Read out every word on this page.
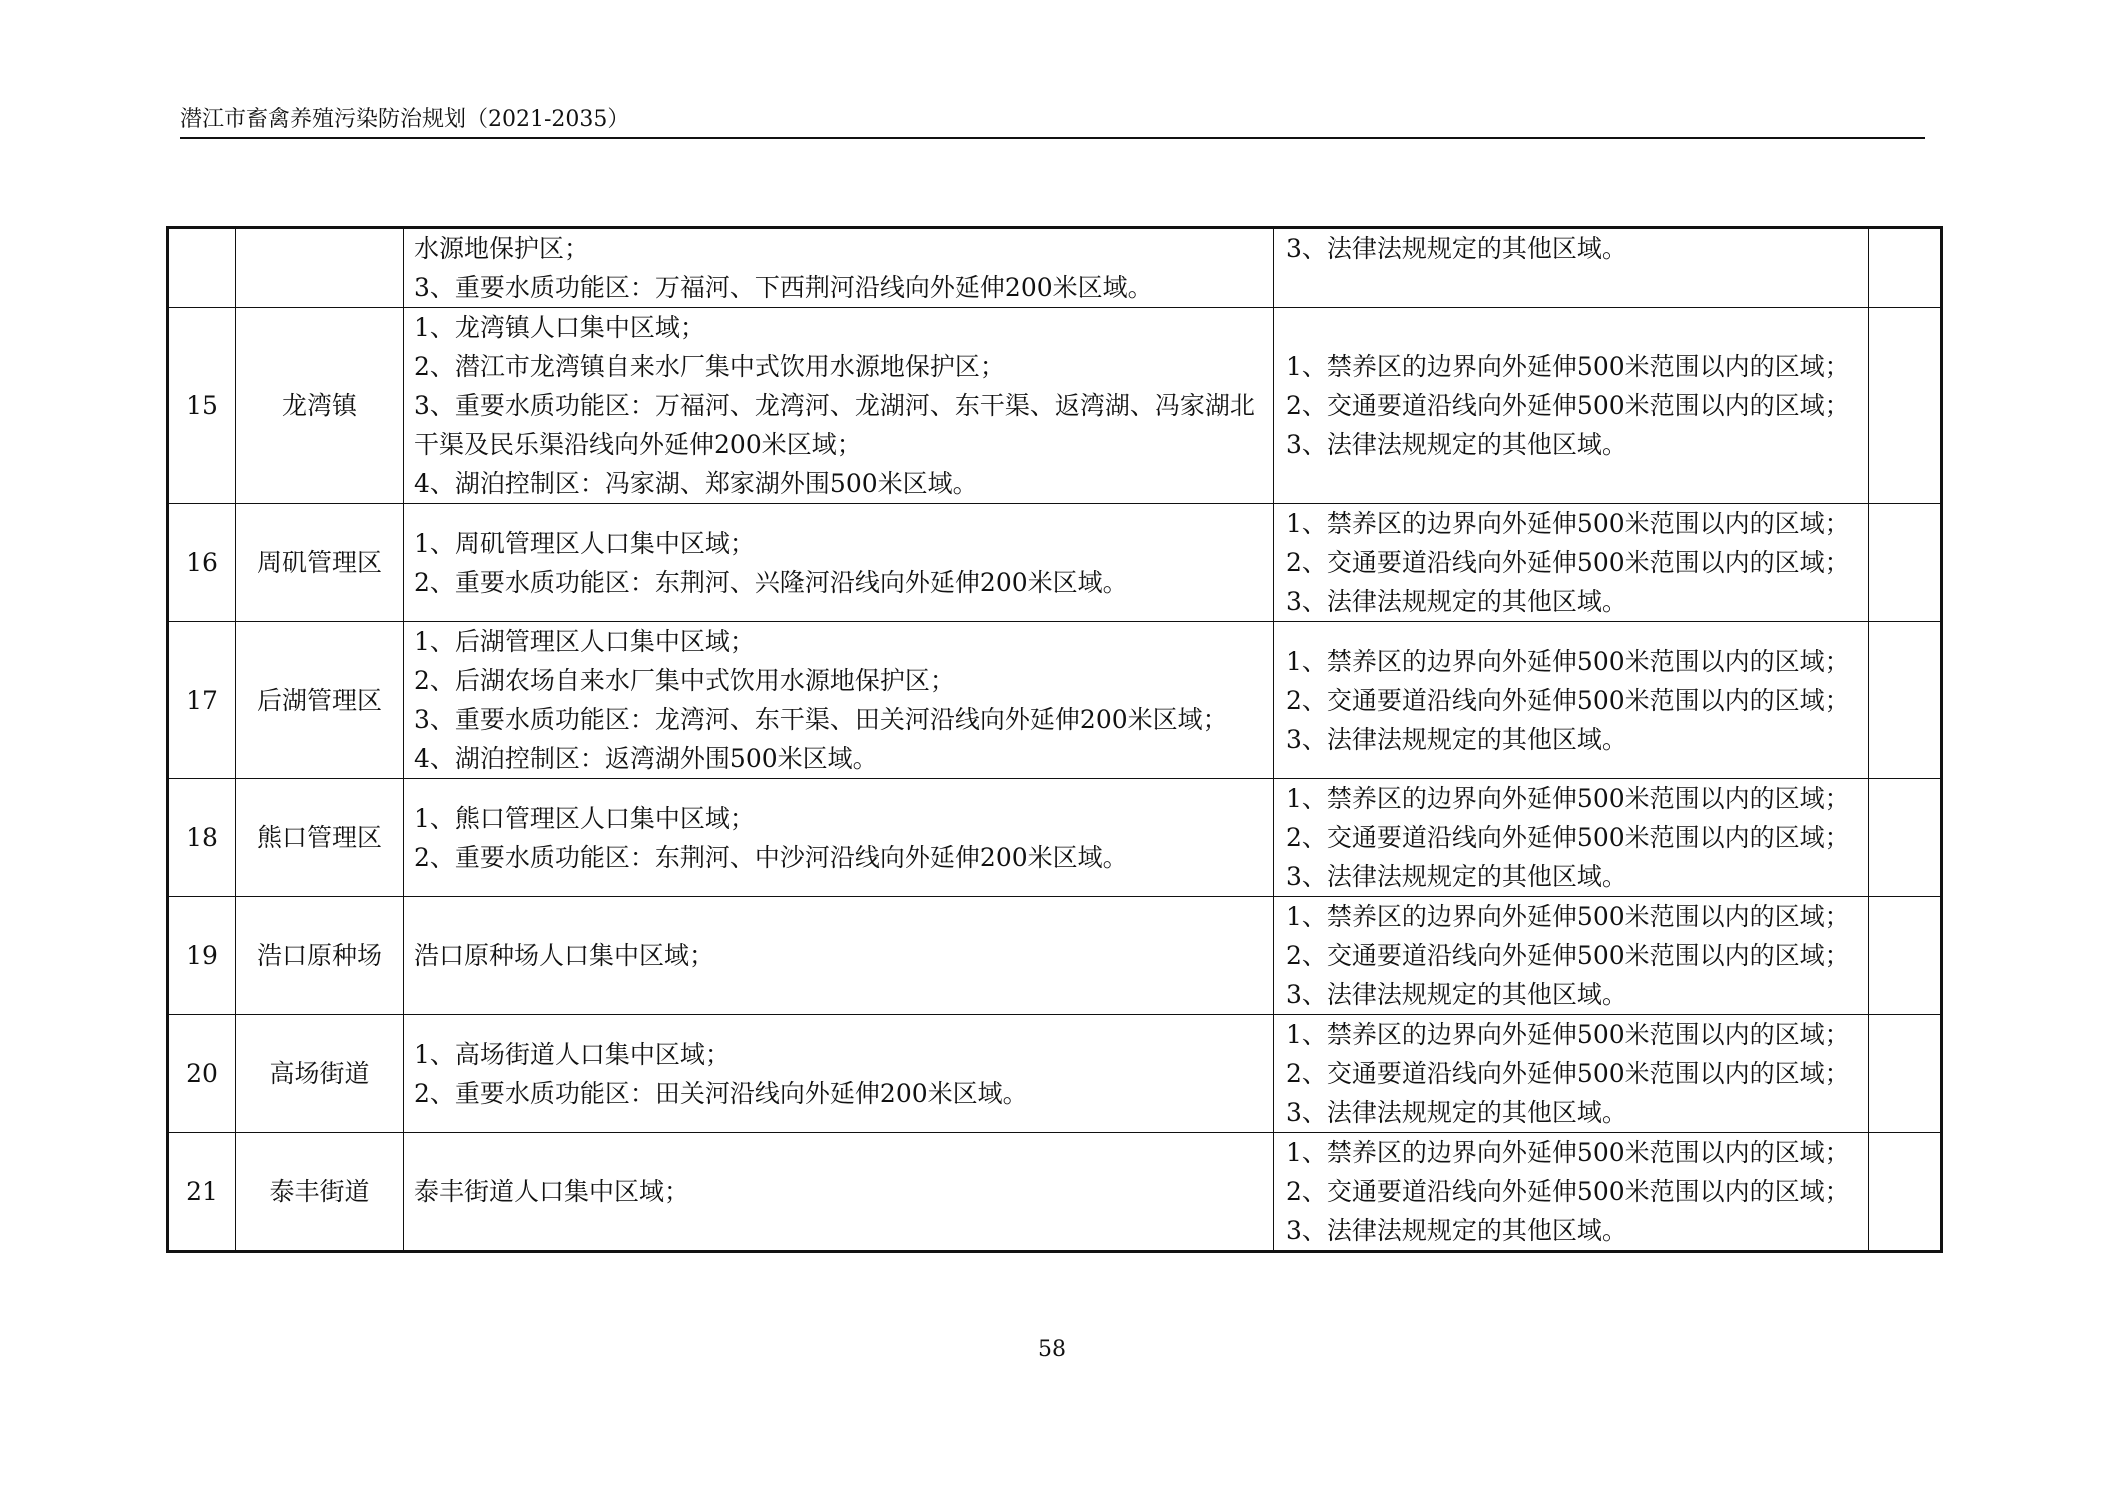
潜江市畜禽养殖污染防治规划（2021-2035）

		水源地保护区；
3、重要水质功能区：万福河、下西荆河沿线向外延伸200米区域。	3、法律法规规定的其他区域。	

15	龙湾镇	1、龙湾镇人口集中区域；
2、潜江市龙湾镇自来水厂集中式饮用水源地保护区；
3、重要水质功能区：万福河、龙湾河、龙湖河、东干渠、返湾湖、冯家湖北干渠及民乐渠沿线向外延伸200米区域；
4、湖泊控制区：冯家湖、郑家湖外围500米区域。	1、禁养区的边界向外延伸500米范围以内的区域；
2、交通要道沿线向外延伸500米范围以内的区域；
3、法律法规规定的其他区域。	

16	周矶管理区	1、周矶管理区人口集中区域；
2、重要水质功能区：东荆河、兴隆河沿线向外延伸200米区域。	1、禁养区的边界向外延伸500米范围以内的区域；
2、交通要道沿线向外延伸500米范围以内的区域；
3、法律法规规定的其他区域。	

17	后湖管理区	1、后湖管理区人口集中区域；
2、后湖农场自来水厂集中式饮用水源地保护区；
3、重要水质功能区：龙湾河、东干渠、田关河沿线向外延伸200米区域；
4、湖泊控制区：返湾湖外围500米区域。	1、禁养区的边界向外延伸500米范围以内的区域；
2、交通要道沿线向外延伸500米范围以内的区域；
3、法律法规规定的其他区域。	

18	熊口管理区	1、熊口管理区人口集中区域；
2、重要水质功能区：东荆河、中沙河沿线向外延伸200米区域。	1、禁养区的边界向外延伸500米范围以内的区域；
2、交通要道沿线向外延伸500米范围以内的区域；
3、法律法规规定的其他区域。	

19	浩口原种场	浩口原种场人口集中区域；	1、禁养区的边界向外延伸500米范围以内的区域；
2、交通要道沿线向外延伸500米范围以内的区域；
3、法律法规规定的其他区域。	

20	高场街道	1、高场街道人口集中区域；
2、重要水质功能区：田关河沿线向外延伸200米区域。	1、禁养区的边界向外延伸500米范围以内的区域；
2、交通要道沿线向外延伸500米范围以内的区域；
3、法律法规规定的其他区域。	

21	泰丰街道	泰丰街道人口集中区域；	1、禁养区的边界向外延伸500米范围以内的区域；
2、交通要道沿线向外延伸500米范围以内的区域；
3、法律法规规定的其他区域。	

58
